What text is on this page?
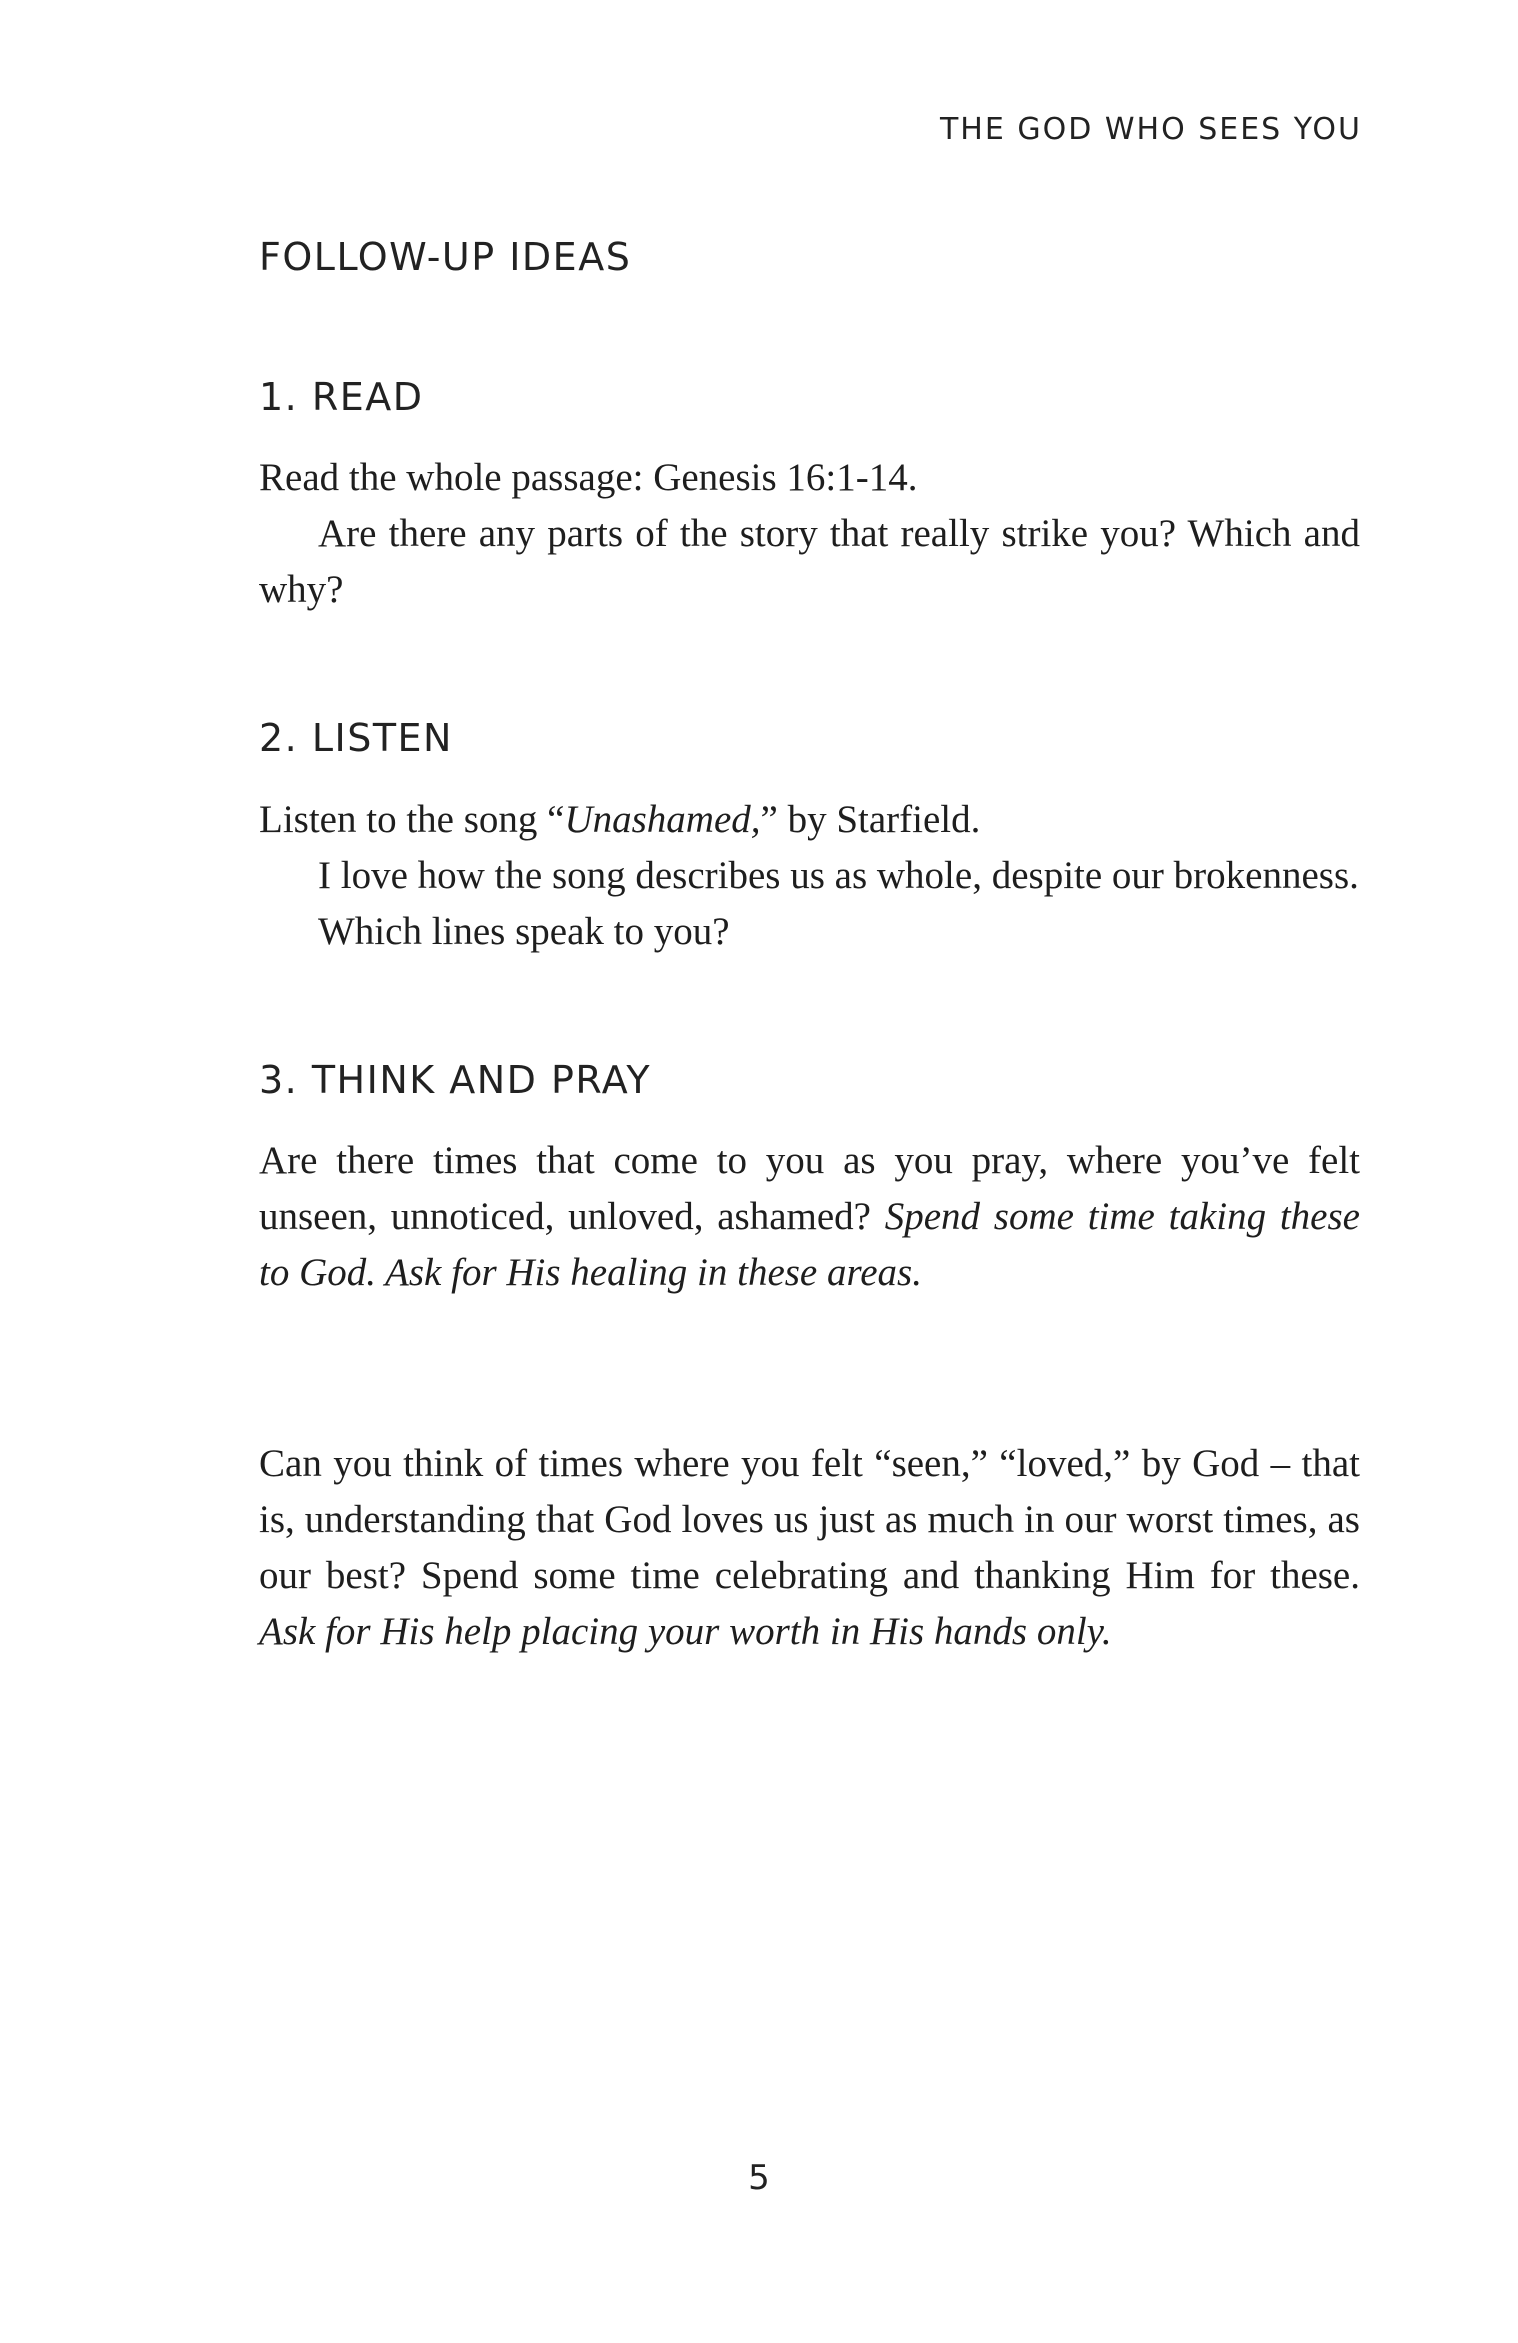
THE GOD WHO SEES YOU
FOLLOW-UP IDEAS
1. READ

Read the whole passage: Genesis 16:1-14.

Are there any parts of the story that really strike you? Which and why?

2. LISTEN

Listen to the song “Unashamed,” by Starfield.

I love how the song describes us as whole, despite our brokenness.

Which lines speak to you?

3. THINK AND PRAY

Are there times that come to you as you pray, where you’ve felt unseen, unnoticed, unloved, ashamed? Spend some time taking these to God. Ask for His healing in these areas.

Can you think of times where you felt “seen,” “loved,” by God – that is, understanding that God loves us just as much in our worst times, as our best? Spend some time celebrating and thanking Him for these. Ask for His help placing your worth in His hands only.

5
